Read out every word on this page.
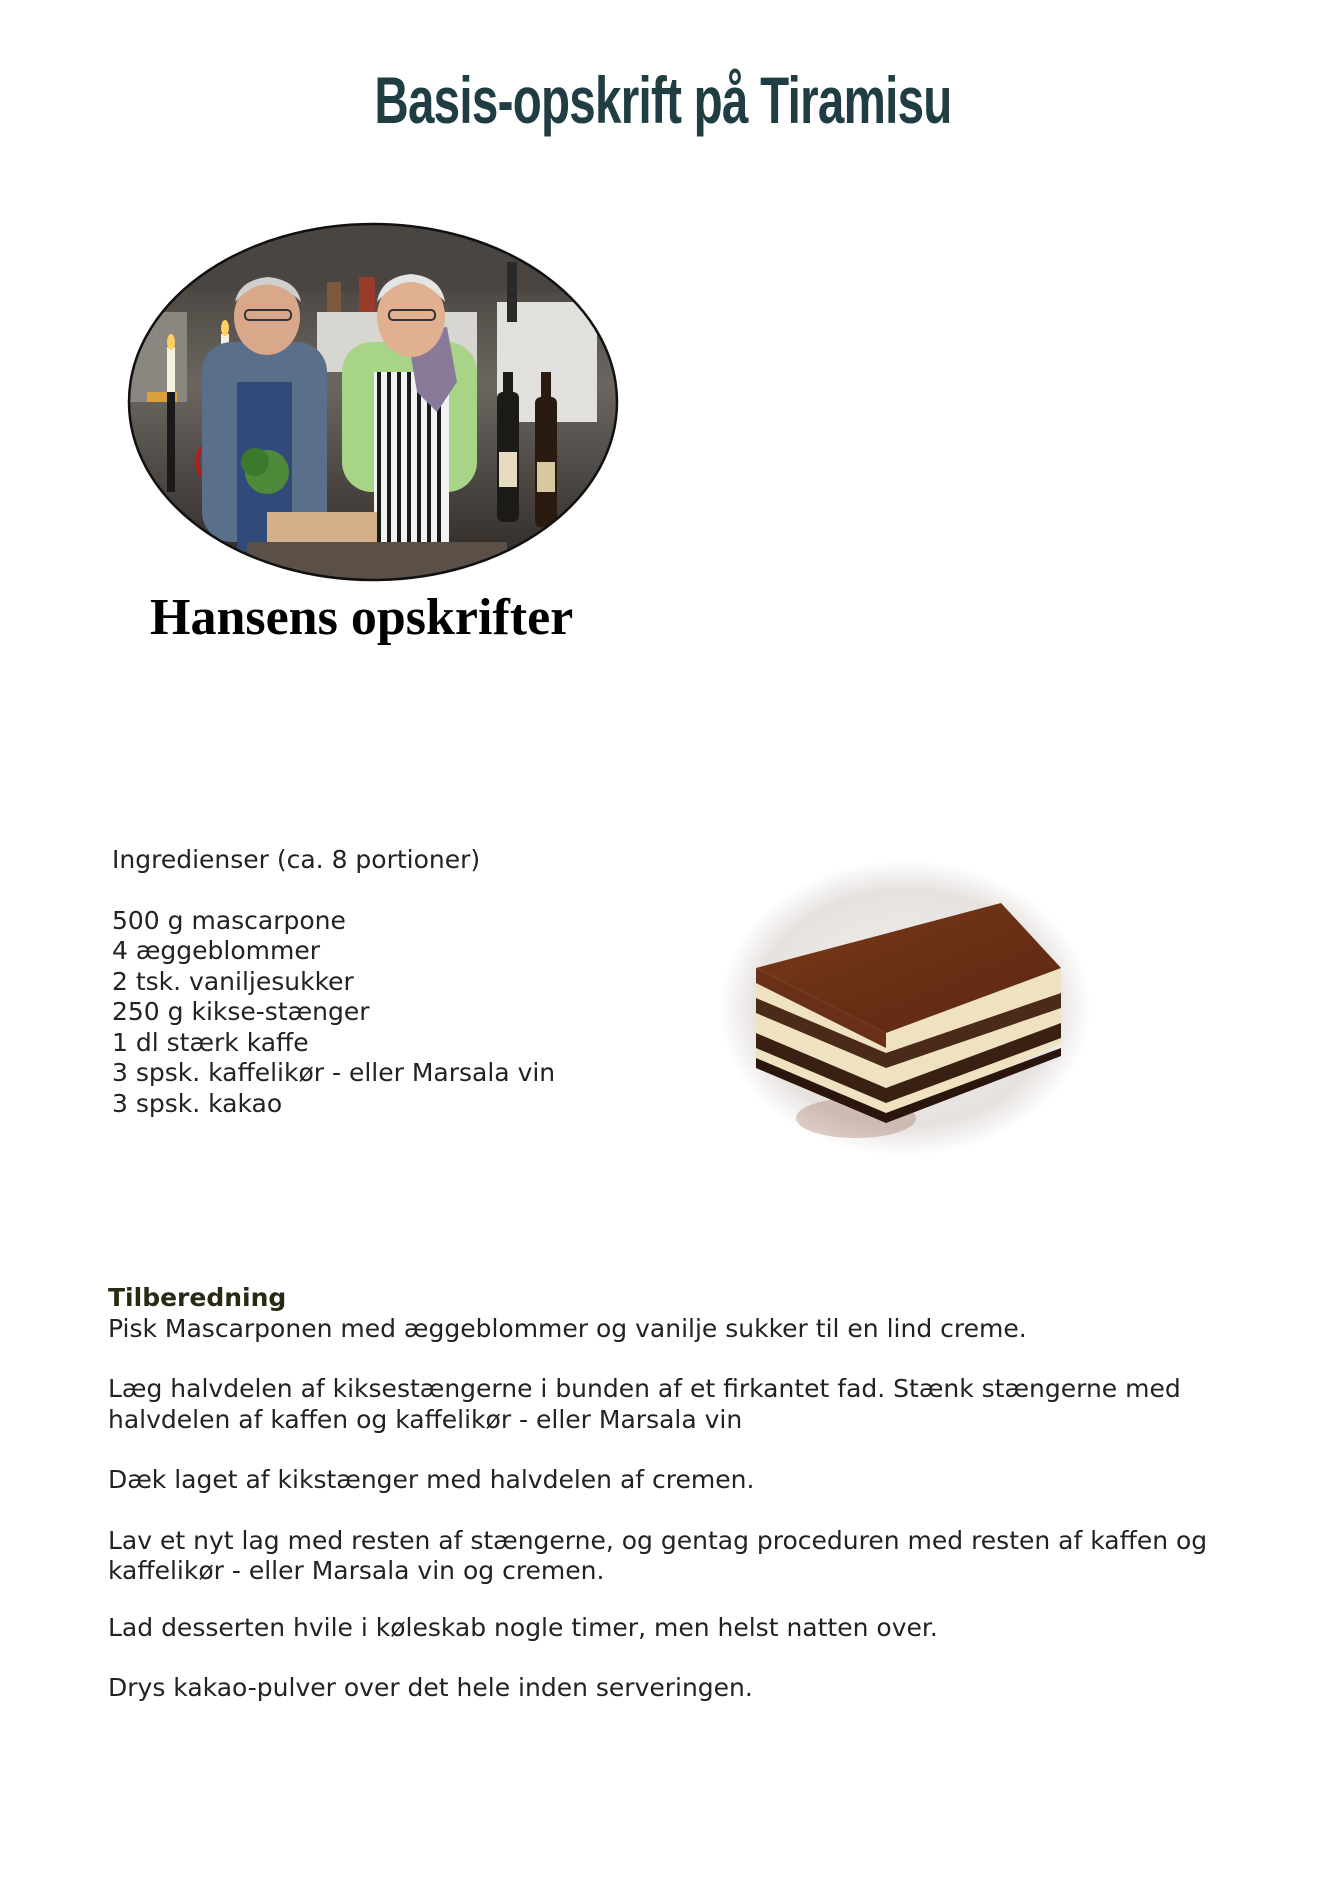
Basis-opskrift på Tiramisu
Hansens opskrifter
Ingredienser (ca. 8 portioner)
500 g mascarpone
4 æggeblommer
2 tsk. vaniljesukker
250 g kikse-stænger
1 dl stærk kaffe
3 spsk. kaffelikør - eller Marsala vin
3 spsk. kakao

Tilberedning

Pisk Mascarponen med æggeblommer og vanilje sukker til en lind creme.

Læg halvdelen af kiksestængerne i bunden af et firkantet fad. Stænk stængerne med halvdelen af kaffen og kaffelikør - eller Marsala vin

Dæk laget af kikstænger med halvdelen af cremen.

Lav et nyt lag med resten af stængerne, og gentag proceduren med resten af kaffen og kaffelikør - eller Marsala vin og cremen.

Lad desserten hvile i køleskab nogle timer, men helst natten over.

Drys kakao-pulver over det hele inden serveringen.
